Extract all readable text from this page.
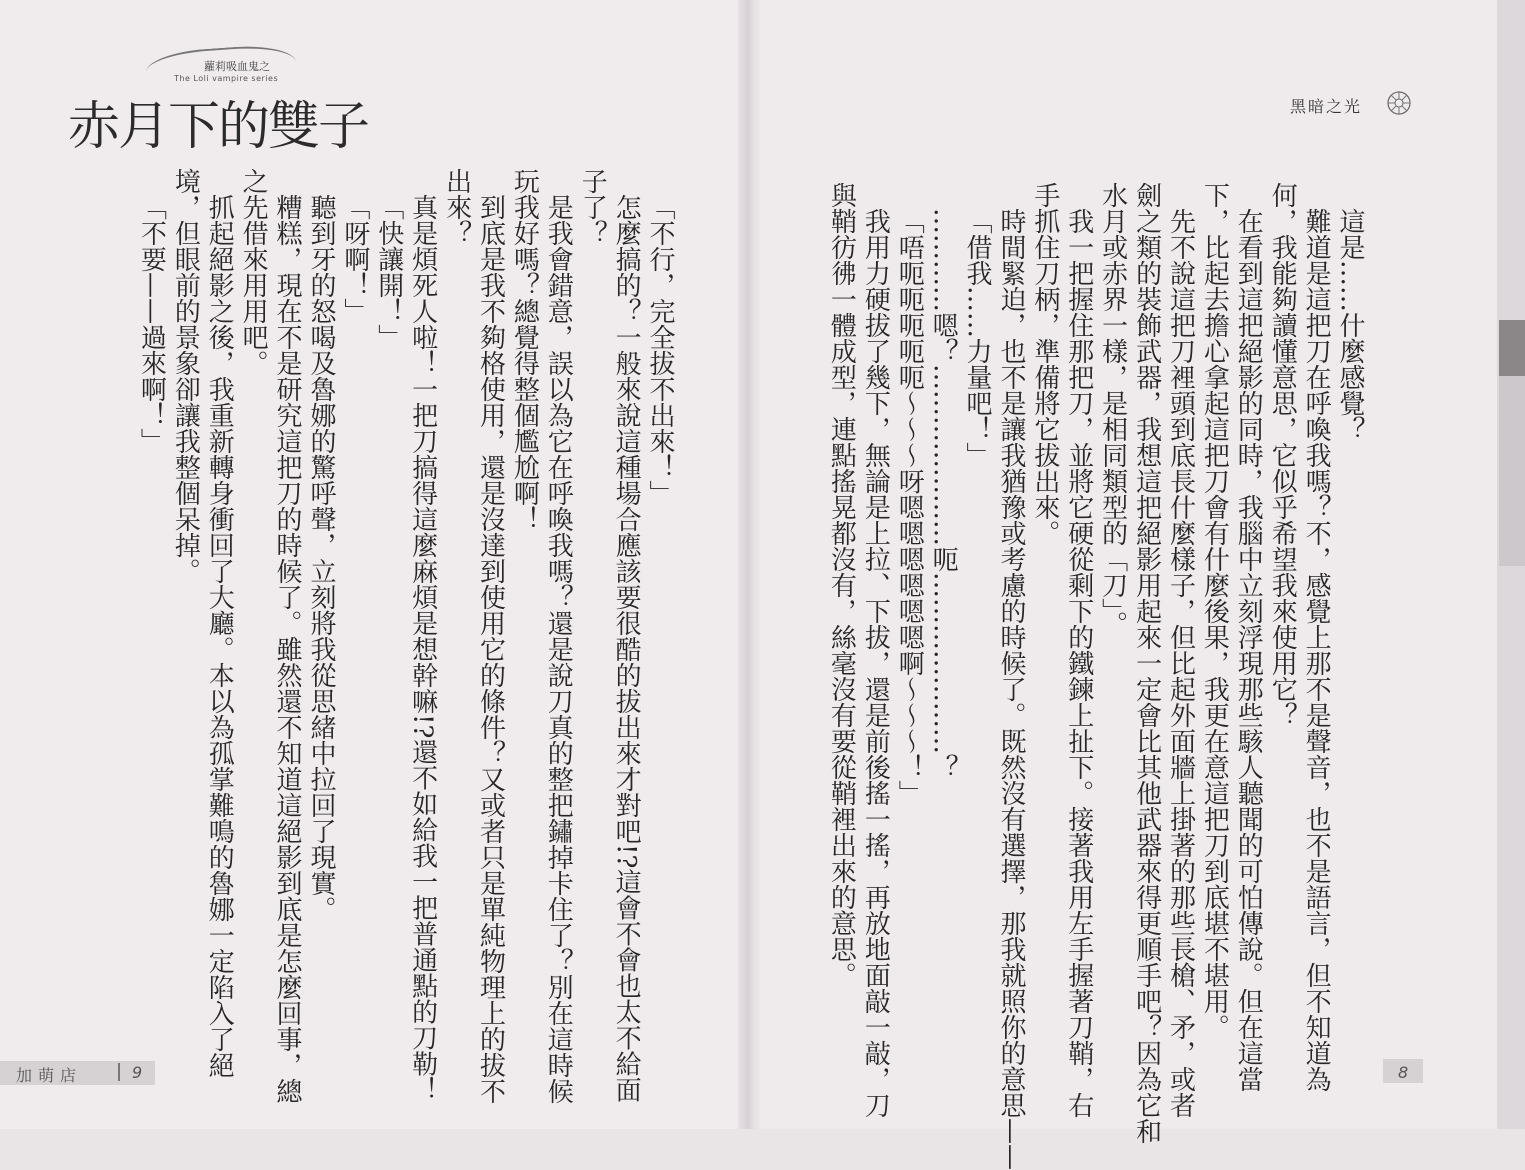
蘿莉吸血鬼之
The Loli vampire series
赤月下的雙子

「不行，完全拔不出來！」

怎麼搞的？一般來說這種場合應該要很酷的拔出來才對吧!?這會不會也太不給面

子了？

是我會錯意，誤以為它在呼喚我嗎？還是說刀真的整把鏽掉卡住了？別在這時候

玩我好嗎？總覺得整個尷尬啊！

到底是我不夠格使用，還是沒達到使用它的條件？又或者只是單純物理上的拔不

出來？

真是煩死人啦！一把刀搞得這麼麻煩是想幹嘛!?還不如給我一把普通點的刀勒！

「快讓開！」

「呀啊！」

聽到牙的怒喝及魯娜的驚呼聲，立刻將我從思緒中拉回了現實。

糟糕，現在不是研究這把刀的時候了。雖然還不知道這絕影到底是怎麼回事，總

之先借來用用吧。

抓起絕影之後，我重新轉身衝回了大廳。本以為孤掌難鳴的魯娜一定陷入了絕

境，但眼前的景象卻讓我整個呆掉。

「不要——過來啊！」

加萌店	9
黑暗之光

這是……什麼感覺？

難道是這把刀在呼喚我嗎？不，感覺上那不是聲音，也不是語言，但不知道為

何，我能夠讀懂意思，它似乎希望我來使用它？

在看到這把絕影的同時，我腦中立刻浮現那些駭人聽聞的可怕傳說。但在這當

下，比起去擔心拿起這把刀會有什麼後果，我更在意這把刀到底堪不堪用。

先不說這把刀裡頭到底長什麼樣子，但比起外面牆上掛著的那些長槍、矛，或者

劍之類的裝飾武器，我想這把絕影用起來一定會比其他武器來得更順手吧？因為它和

水月或赤界一樣，是相同類型的「刀」。

我一把握住那把刀，並將它硬從剩下的鐵鍊上扯下。接著我用左手握著刀鞘，右

手抓住刀柄，準備將它拔出來。

時間緊迫，也不是讓我猶豫或考慮的時候了。既然沒有選擇，那我就照你的意思——

「借我……力量吧！」

…………嗯？…………………呃…………………？

「唔呃呃呃呃呃～～～呀嗯嗯嗯嗯嗯嗯啊～～～！」

我用力硬拔了幾下，無論是上拉、下拔，還是前後搖一搖，再放地面敲一敲，刀

與鞘彷彿一體成型，連點搖晃都沒有，絲毫沒有要從鞘裡出來的意思。

8
